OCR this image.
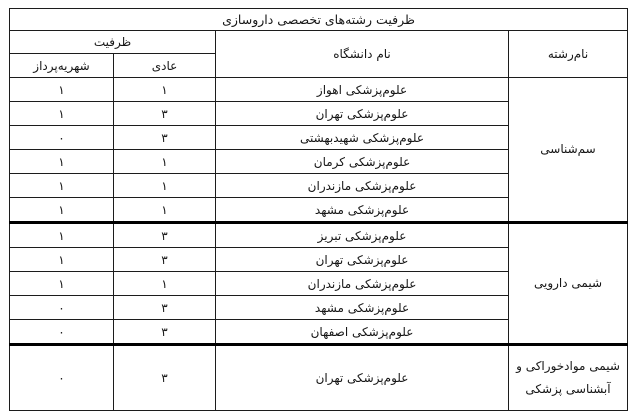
ظرفیت رشته‌های تخصصی داروسازی			
نام‌رشته	نام دانشگاه	ظرفیت	
		عادی	شهریه‌پرداز
سم‌شناسی	علوم‌پزشکی اهواز	۱	۱
	علوم‌پزشکی تهران	۳	۱
	علوم‌پزشکی شهیدبهشتی	۳	۰
	علوم‌پزشکی کرمان	۱	۱
	علوم‌پزشکی مازندران	۱	۱
	علوم‌پزشکی مشهد	۱	۱
شیمی دارویی	علوم‌پزشکی تبریز	۳	۱
	علوم‌پزشکی تهران	۳	۱
	علوم‌پزشکی مازندران	۱	۱
	علوم‌پزشکی مشهد	۳	۰
	علوم‌پزشکی اصفهان	۳	۰
شیمی موادخوراکی و آبشناسی پزشکی	علوم‌پزشکی تهران	۳	۰
